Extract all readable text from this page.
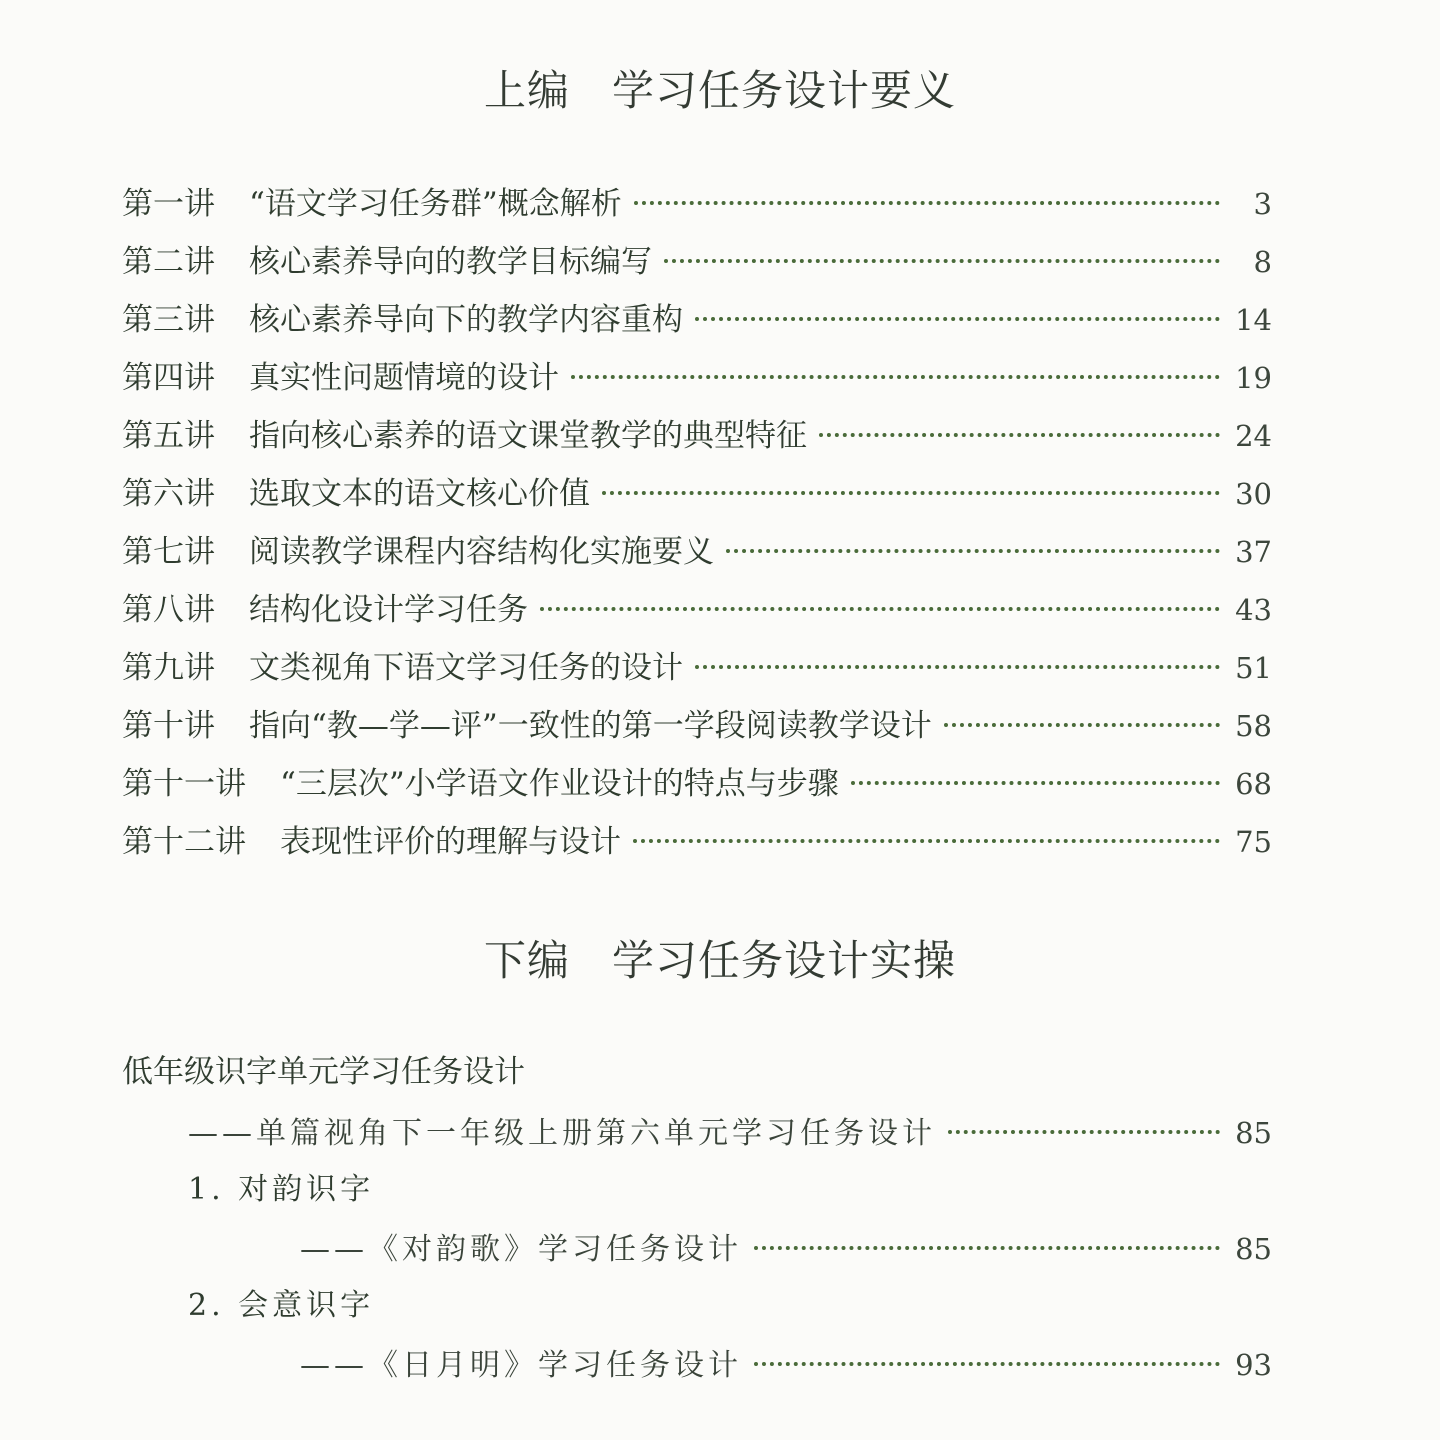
上编 学习任务设计要义
第一讲 “语文学习任务群”概念解析	3
第二讲 核心素养导向的教学目标编写	8
第三讲 核心素养导向下的教学内容重构	14
第四讲 真实性问题情境的设计	19
第五讲 指向核心素养的语文课堂教学的典型特征	24
第六讲 选取文本的语文核心价值	30
第七讲 阅读教学课程内容结构化实施要义	37
第八讲 结构化设计学习任务	43
第九讲 文类视角下语文学习任务的设计	51
第十讲 指向“教—学—评”一致性的第一学段阅读教学设计	58
第十一讲 “三层次”小学语文作业设计的特点与步骤	68
第十二讲 表现性评价的理解与设计	75
下编 学习任务设计实操
低年级识字单元学习任务设计
——单篇视角下一年级上册第六单元学习任务设计	85
1. 对韵识字
——《对韵歌》学习任务设计	85
2. 会意识字
——《日月明》学习任务设计	93
